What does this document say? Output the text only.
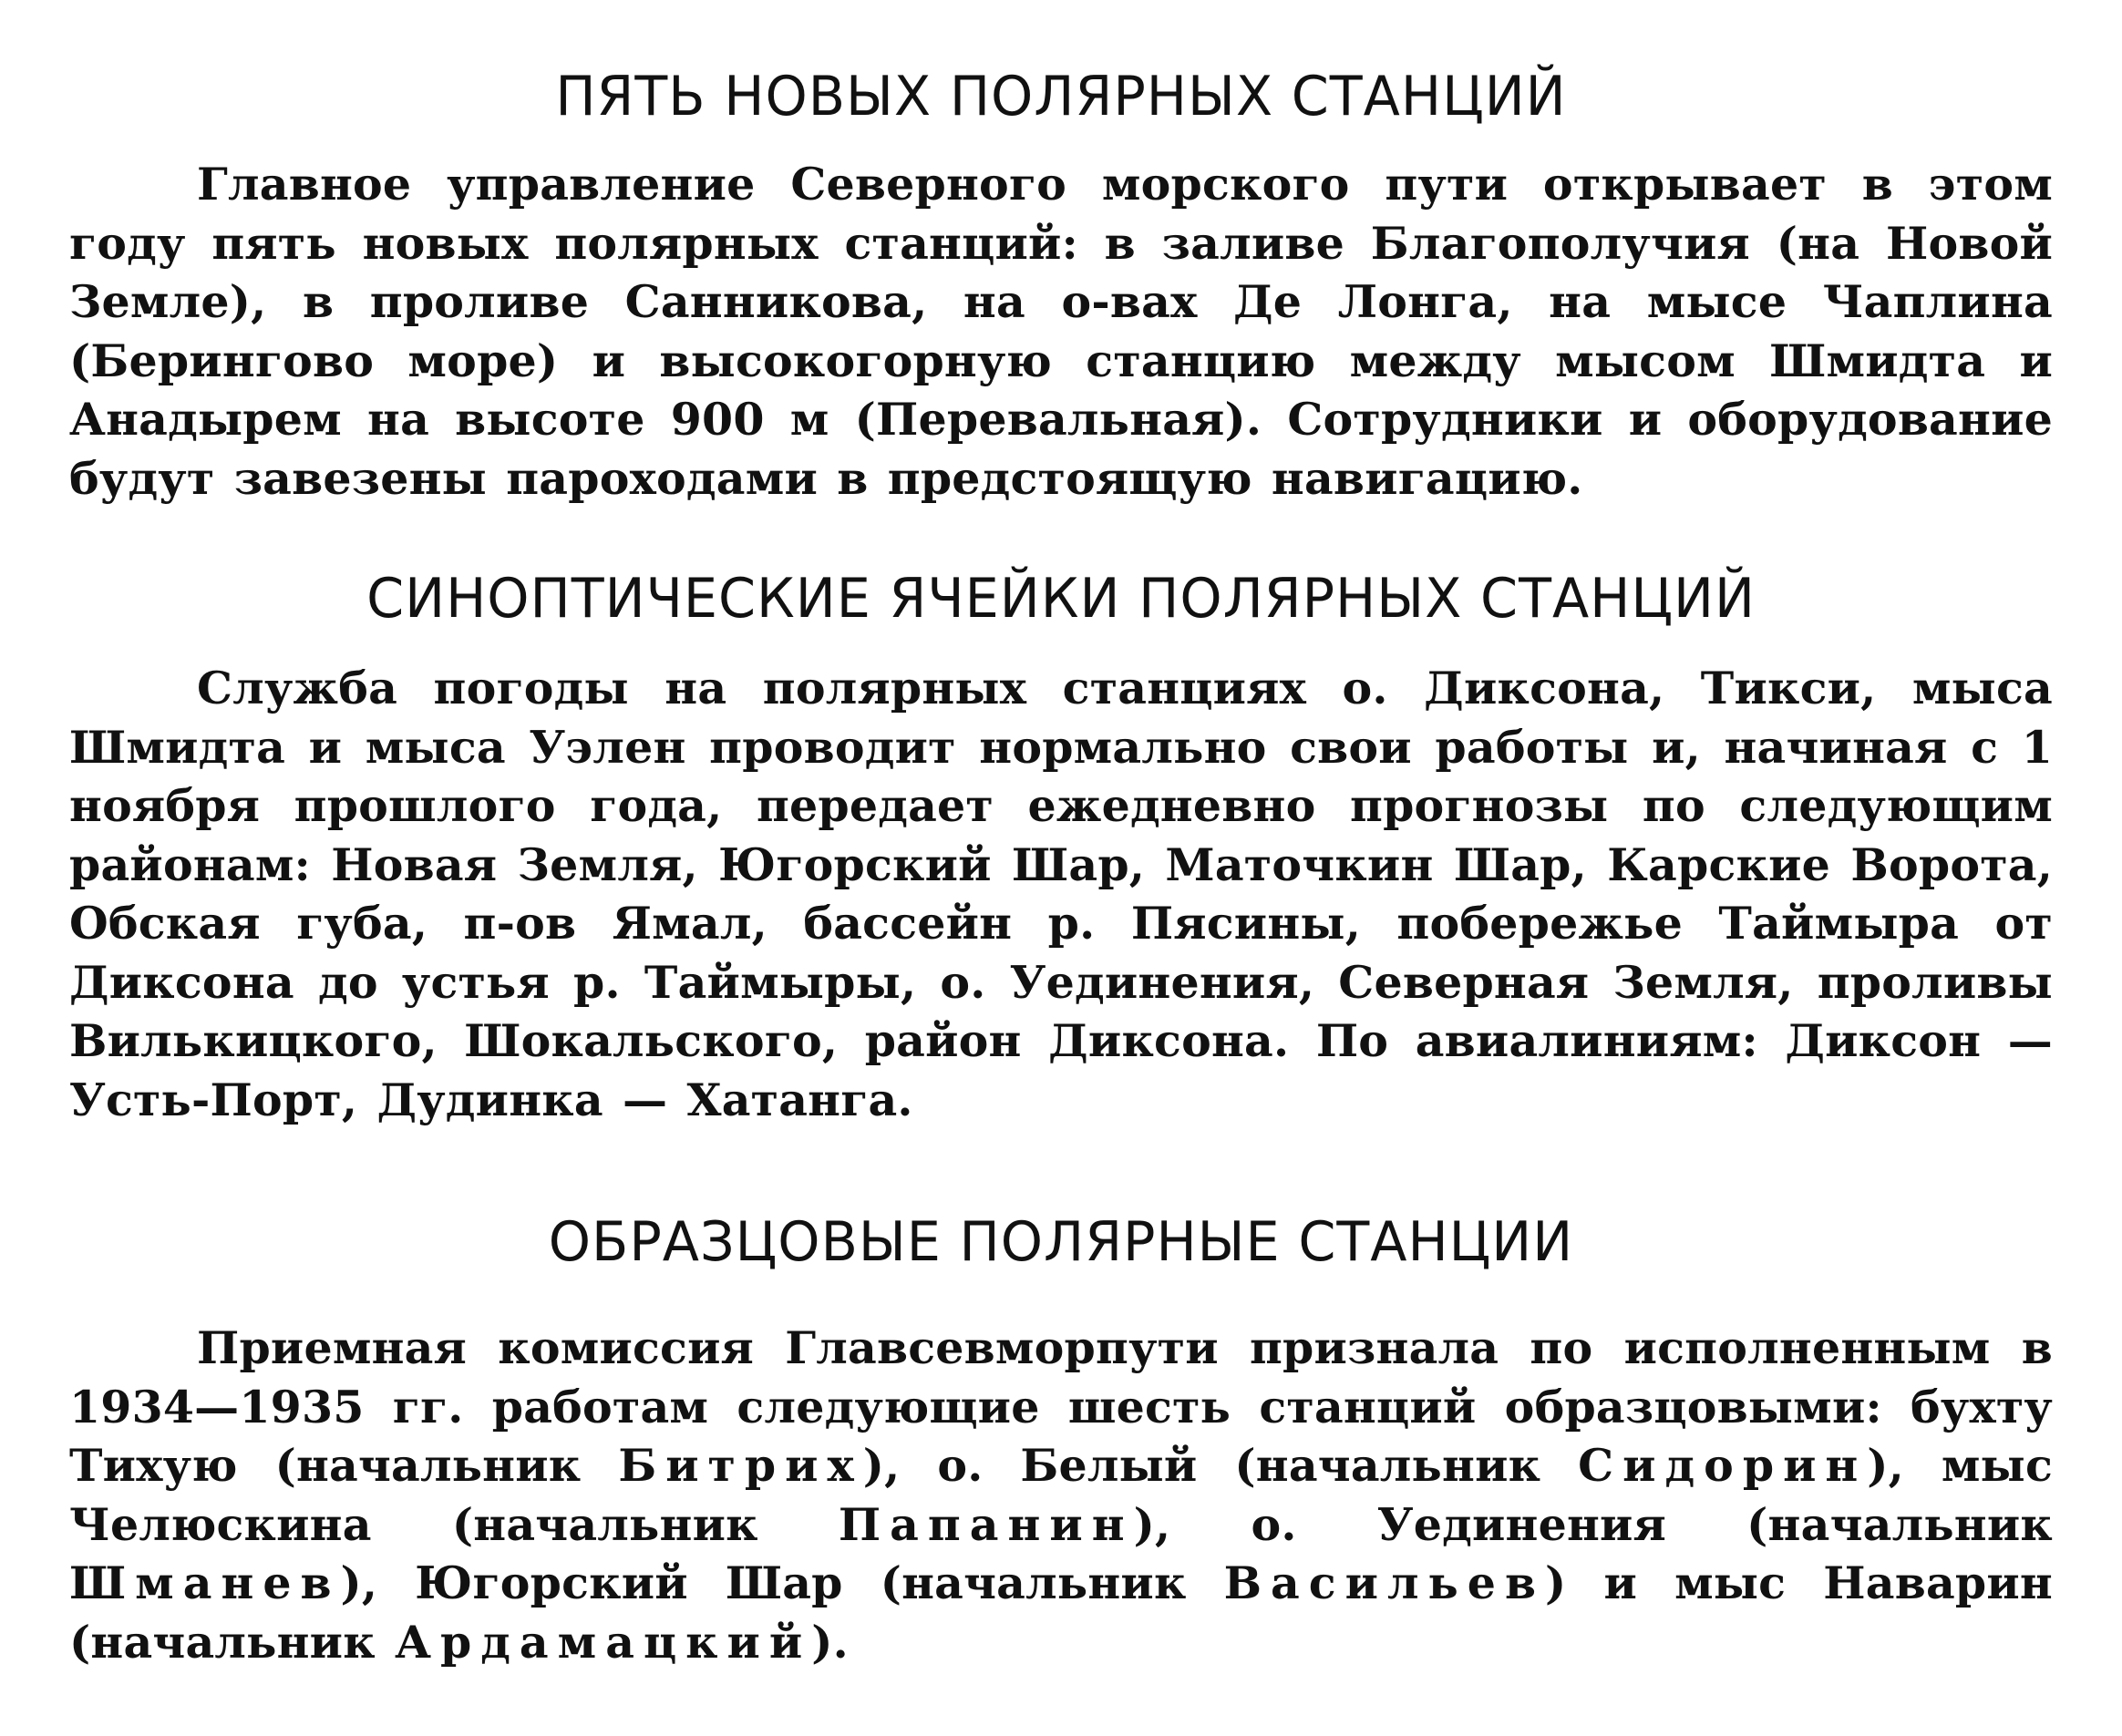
ПЯТЬ НОВЫХ ПОЛЯРНЫХ СТАНЦИЙ

Главное управление Северного морского пути открывает в этом году пять новых полярных станций: в заливе Благополучия (на Новой Земле), в проливе Санникова, на о-вах Де Лонга, на мысе Чаплина (Берингово море) и высокогорную станцию между мысом Шмидта и Анадырем на высоте 900 м (Перевальная). Сотрудники и оборудование будут завезены пароходами в предстоящую навигацию.

СИНОПТИЧЕСКИЕ ЯЧЕЙКИ ПОЛЯРНЫХ СТАНЦИЙ

Служба погоды на полярных станциях о. Диксона, Тикси, мыса Шмидта и мыса Уэлен проводит нормально свои работы и, начиная с 1 ноября прошлого года, передает ежедневно прогнозы по следующим районам: Новая Земля, Югорский Шар, Маточкин Шар, Карские Ворота, Обская губа, п-ов Ямал, бассейн р. Пясины, побережье Таймыра от Диксона до устья р. Таймыры, о. Уединения, Северная Земля, проливы Вилькицкого, Шокальского, район Диксона. По авиалиниям: Диксон — Усть-Порт, Дудинка — Хатанга.

ОБРАЗЦОВЫЕ ПОЛЯРНЫЕ СТАНЦИИ

Приемная комиссия Главсевморпути признала по исполненным в 1934—1935 гг. работам следующие шесть станций образцовыми: бухту Тихую (начальник Битрих), о. Белый (начальник Сидорин), мыс Челюскина (начальник Папанин), о. Уединения (начальник Шманев), Югорский Шар (начальник Васильев) и мыс Наварин (начальник Ардамацкий).
